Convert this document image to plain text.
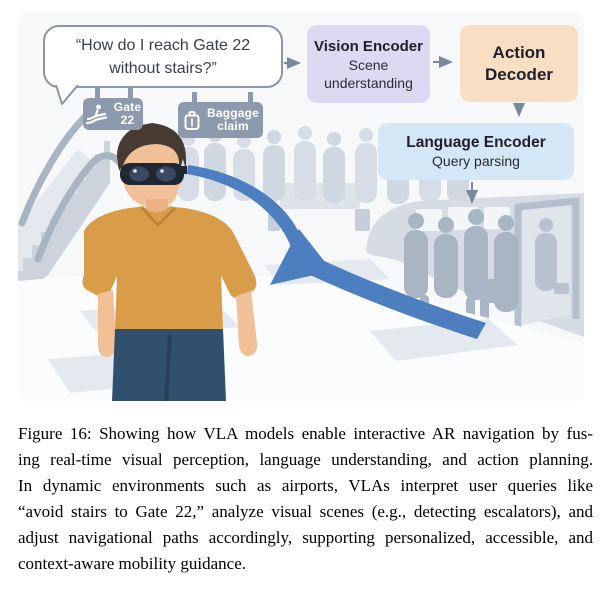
“How do I reach Gate 22
without stairs?”
Gate
22	Baggage
claim
Vision Encoder
Scene understanding
Action Decoder
Language Encoder
Query parsing
Figure 16: Showing how VLA models enable interactive AR navigation by fus-
ing real-time visual perception, language understanding, and action planning.
In dynamic environments such as airports, VLAs interpret user queries like
“avoid stairs to Gate 22,” analyze visual scenes (e.g., detecting escalators), and
adjust navigational paths accordingly, supporting personalized, accessible, and
context-aware mobility guidance.
